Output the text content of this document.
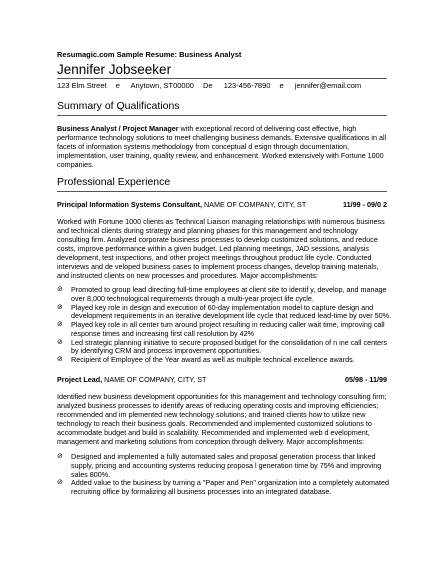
Resumagic.com Sample Resume: Business Analyst
Jennifer Jobseeker
123 Elm Street e Anytown, ST00000 De 123-456-7890 e jennifer@email.com
Summary of Qualifications
Business Analyst / Project Manager with exceptional record of delivering cost effective, high performance technology solutions to meet challenging business demands. Extensive qualifications in all facets of information systems methodology from conceptual d esign through documentation, implementation, user training, quality review, and enhancement. Worked extensively with Fortune 1000 companies.
Professional Experience
Principal Information Systems Consultant, NAME OF COMPANY, CITY, ST	11/99 - 09/0 2
Worked with Fortune 1000 clients as Technical Liaison managing relationships with numerous business and technical clients during strategy and planning phases for this management and technology consulting firm. Analyzed corporate business processes to develop customized solutions, and reduce costs, improve performance within a given budget. Led planning meetings, JAD sessions, analysis development, test inspections, and other project meetings throughout product life cycle. Conducted interviews and de veloped business cases to implement process changes, develop training materials, and instructed clients on new processes and procedures. Major accomplishments:
⊘ Promoted to group lead directing full-time employees at client site to identif y, develop, and manage over 8,000 technological requirements through a multi-year project life cycle.
⊘ Played key role in design and execution of 60-day implementation model to capture design and development requirements in an iterative development life cycle that reduced lead-time by over 50%.
⊘ Played key role in all center tum around project resulting in reducing caller wait time, improving call response times and increasing first call resolution by 42%
⊘ Led strategic planning initiative to secure proposed budget for the consolidation of n ine call centers by identifying CRM and process improvement opportunities.
⊘ Recipient of Employee of the Year award as well as multiple technical excellence awards.
Project Lead, NAME OF COMPANY, CITY, ST	05/98 - 11/99
Identified new business development opportunities for this management and technology consulting firm; analyzed business processes to identify areas of reducing operating costs and improving efficiencies; recommended and im plemented new technology solutions; and trained clients how to utilize new technology to reach their business goals. Recommended and implemented customized solutions to accommodate budget and build in scalability. Recommended and implemented web d evelopment, management and marketing solutions from conception through delivery. Major accomplishments:
⊘ Designed and implemented a fully automated sales and proposal generation process that linked supply, pricing and accounting systems reducing proposa l generation time by 75% and improving sales 800%.
⊘ Added value to the business by turning a "Paper and Pen" organization into a completely automated recruiting office by formalizing all business processes into an integrated database.
